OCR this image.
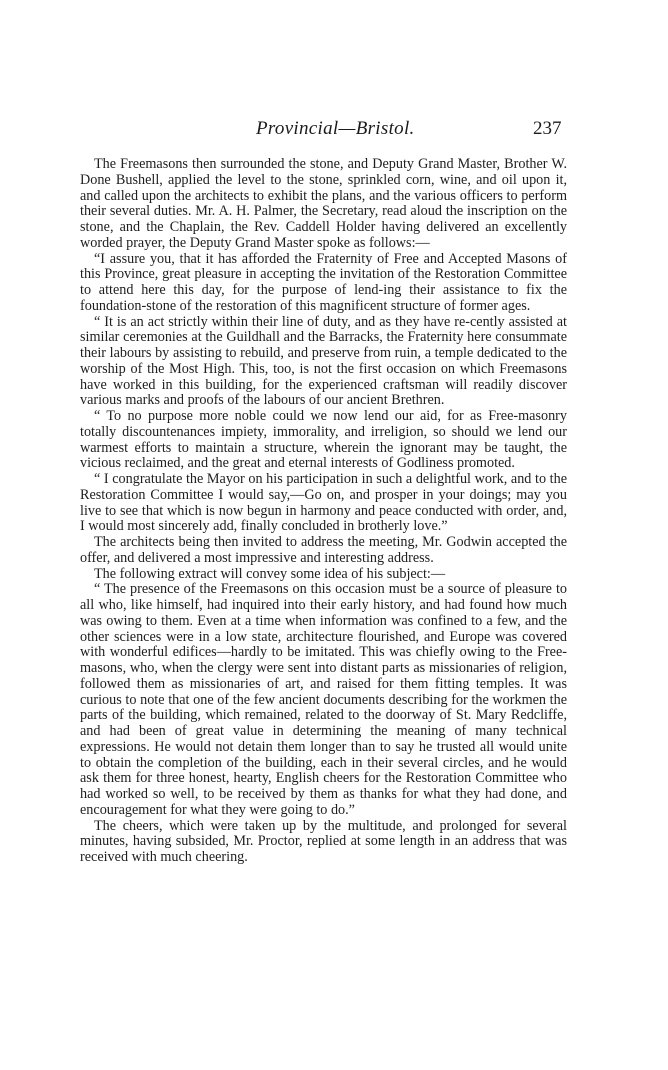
Provincial—Bristol.	237

The Freemasons then surrounded the stone, and Deputy Grand Master, Brother W. Done Bushell, applied the level to the stone, sprinkled corn, wine, and oil upon it, and called upon the architects to exhibit the plans, and the various officers to perform their several duties. Mr. A. H. Palmer, the Secretary, read aloud the inscription on the stone, and the Chaplain, the Rev. Caddell Holder having delivered an excellently worded prayer, the Deputy Grand Master spoke as follows:—

“I assure you, that it has afforded the Fraternity of Free and Accepted Masons of this Province, great pleasure in accepting the invitation of the Restoration Committee to attend here this day, for the purpose of lend-ing their assistance to fix the foundation-stone of the restoration of this magnificent structure of former ages.

“ It is an act strictly within their line of duty, and as they have re-cently assisted at similar ceremonies at the Guildhall and the Barracks, the Fraternity here consummate their labours by assisting to rebuild, and preserve from ruin, a temple dedicated to the worship of the Most High. This, too, is not the first occasion on which Freemasons have worked in this building, for the experienced craftsman will readily discover various marks and proofs of the labours of our ancient Brethren.

“ To no purpose more noble could we now lend our aid, for as Free-masonry totally discountenances impiety, immorality, and irreligion, so should we lend our warmest efforts to maintain a structure, wherein the ignorant may be taught, the vicious reclaimed, and the great and eternal interests of Godliness promoted.

“ I congratulate the Mayor on his participation in such a delightful work, and to the Restoration Committee I would say,—Go on, and prosper in your doings; may you live to see that which is now begun in harmony and peace conducted with order, and, I would most sincerely add, finally concluded in brotherly love.”

The architects being then invited to address the meeting, Mr. Godwin accepted the offer, and delivered a most impressive and interesting address.

The following extract will convey some idea of his subject:—

“ The presence of the Freemasons on this occasion must be a source of pleasure to all who, like himself, had inquired into their early history, and had found how much was owing to them. Even at a time when information was confined to a few, and the other sciences were in a low state, architecture flourished, and Europe was covered with wonderful edifices—hardly to be imitated. This was chiefly owing to the Free-masons, who, when the clergy were sent into distant parts as missionaries of religion, followed them as missionaries of art, and raised for them fitting temples. It was curious to note that one of the few ancient documents describing for the workmen the parts of the building, which remained, related to the doorway of St. Mary Redcliffe, and had been of great value in determining the meaning of many technical expressions. He would not detain them longer than to say he trusted all would unite to obtain the completion of the building, each in their several circles, and he would ask them for three honest, hearty, English cheers for the Restoration Committee who had worked so well, to be received by them as thanks for what they had done, and encouragement for what they were going to do.”

The cheers, which were taken up by the multitude, and prolonged for several minutes, having subsided, Mr. Proctor, replied at some length in an address that was received with much cheering.
